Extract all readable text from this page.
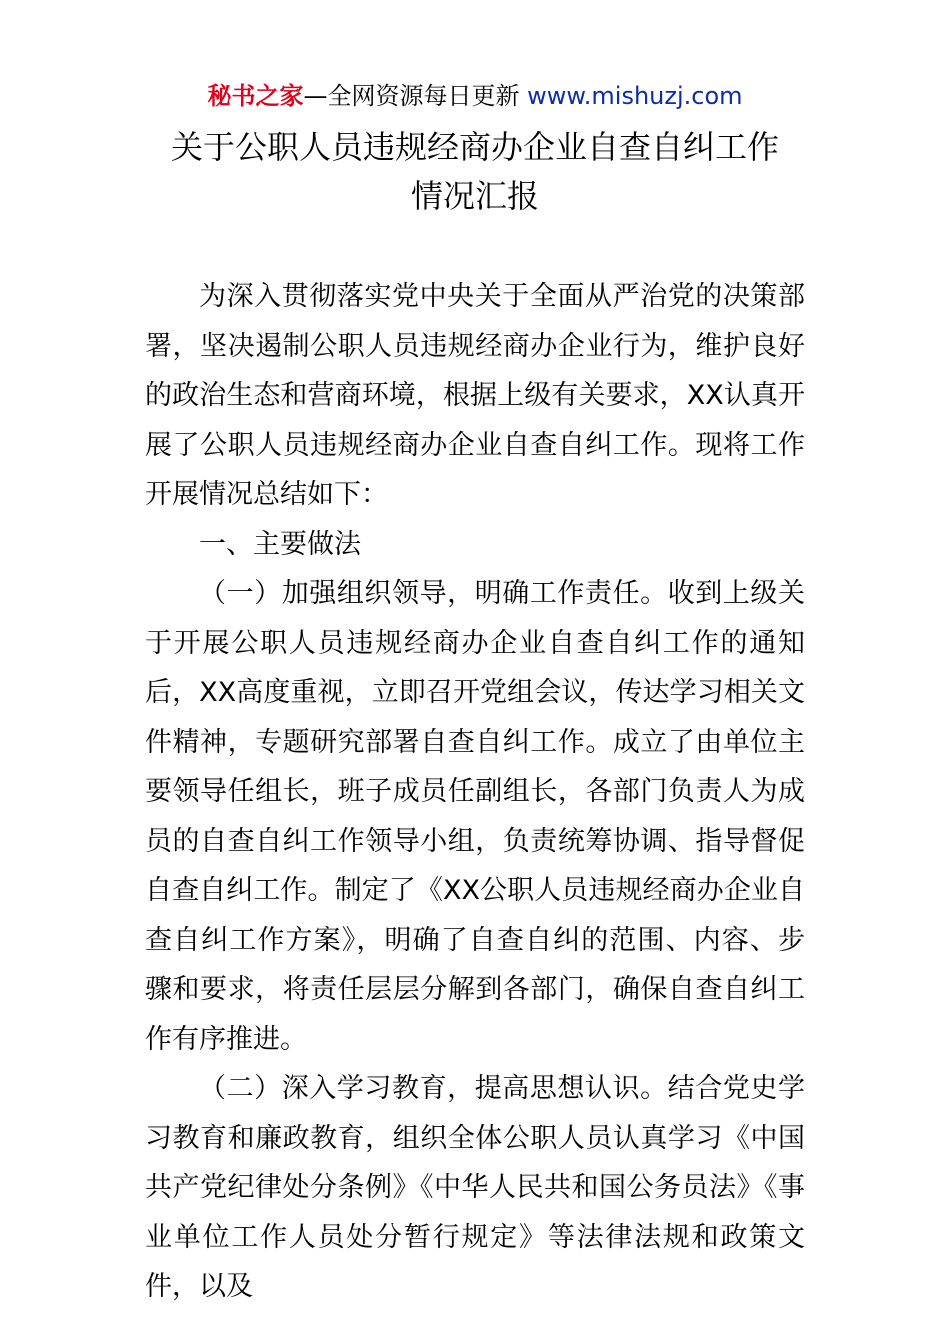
秘书之家—全网资源每日更新 www.mishuzj.com
关于公职人员违规经商办企业自查自纠工作
情况汇报

为深入贯彻落实党中央关于全面从严治党的决策部署，坚决遏制公职人员违规经商办企业行为，维护良好的政治生态和营商环境，根据上级有关要求，XX认真开展了公职人员违规经商办企业自查自纠工作。现将工作开展情况总结如下：

一、主要做法

（一）加强组织领导，明确工作责任。收到上级关于开展公职人员违规经商办企业自查自纠工作的通知后，XX高度重视，立即召开党组会议，传达学习相关文件精神，专题研究部署自查自纠工作。成立了由单位主要领导任组长，班子成员任副组长，各部门负责人为成员的自查自纠工作领导小组，负责统筹协调、指导督促自查自纠工作。制定了《XX公职人员违规经商办企业自查自纠工作方案》，明确了自查自纠的范围、内容、步骤和要求，将责任层层分解到各部门，确保自查自纠工作有序推进。

（二）深入学习教育，提高思想认识。结合党史学习教育和廉政教育，组织全体公职人员认真学习《中国共产党纪律处分条例》《中华人民共和国公务员法》《事业单位工作人员处分暂行规定》等法律法规和政策文件，以及
